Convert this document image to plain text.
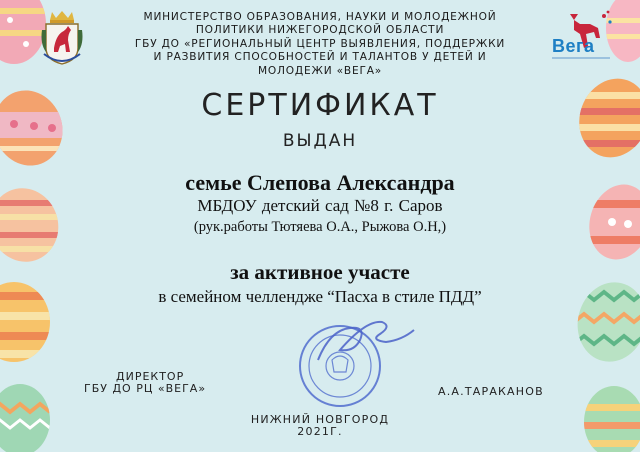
Вега
МИНИСТЕРСТВО ОБРАЗОВАНИЯ, НАУКИ И МОЛОДЕЖНОЙ
ПОЛИТИКИ НИЖЕГОРОДСКОЙ ОБЛАСТИ
ГБУ ДО «РЕГИОНАЛЬНЫЙ ЦЕНТР ВЫЯВЛЕНИЯ, ПОДДЕРЖКИ
И РАЗВИТИЯ СПОСОБНОСТЕЙ И ТАЛАНТОВ У ДЕТЕЙ И
МОЛОДЕЖИ «ВЕГА»
СЕРТИФИКАТ
ВЫДАН
семье Слепова Александра
МБДОУ детский сад №8 г. Саров
(рук.работы Тютяева О.А., Рыжова О.Н,)
за активное участе
в семейном челлендже “Пасха в стиле ПДД”
ДИРЕКТОР
ГБУ ДО РЦ «ВЕГА»	А.А.ТАРАКАНОВ
НИЖНИЙ НОВГОРОД
2021Г.
